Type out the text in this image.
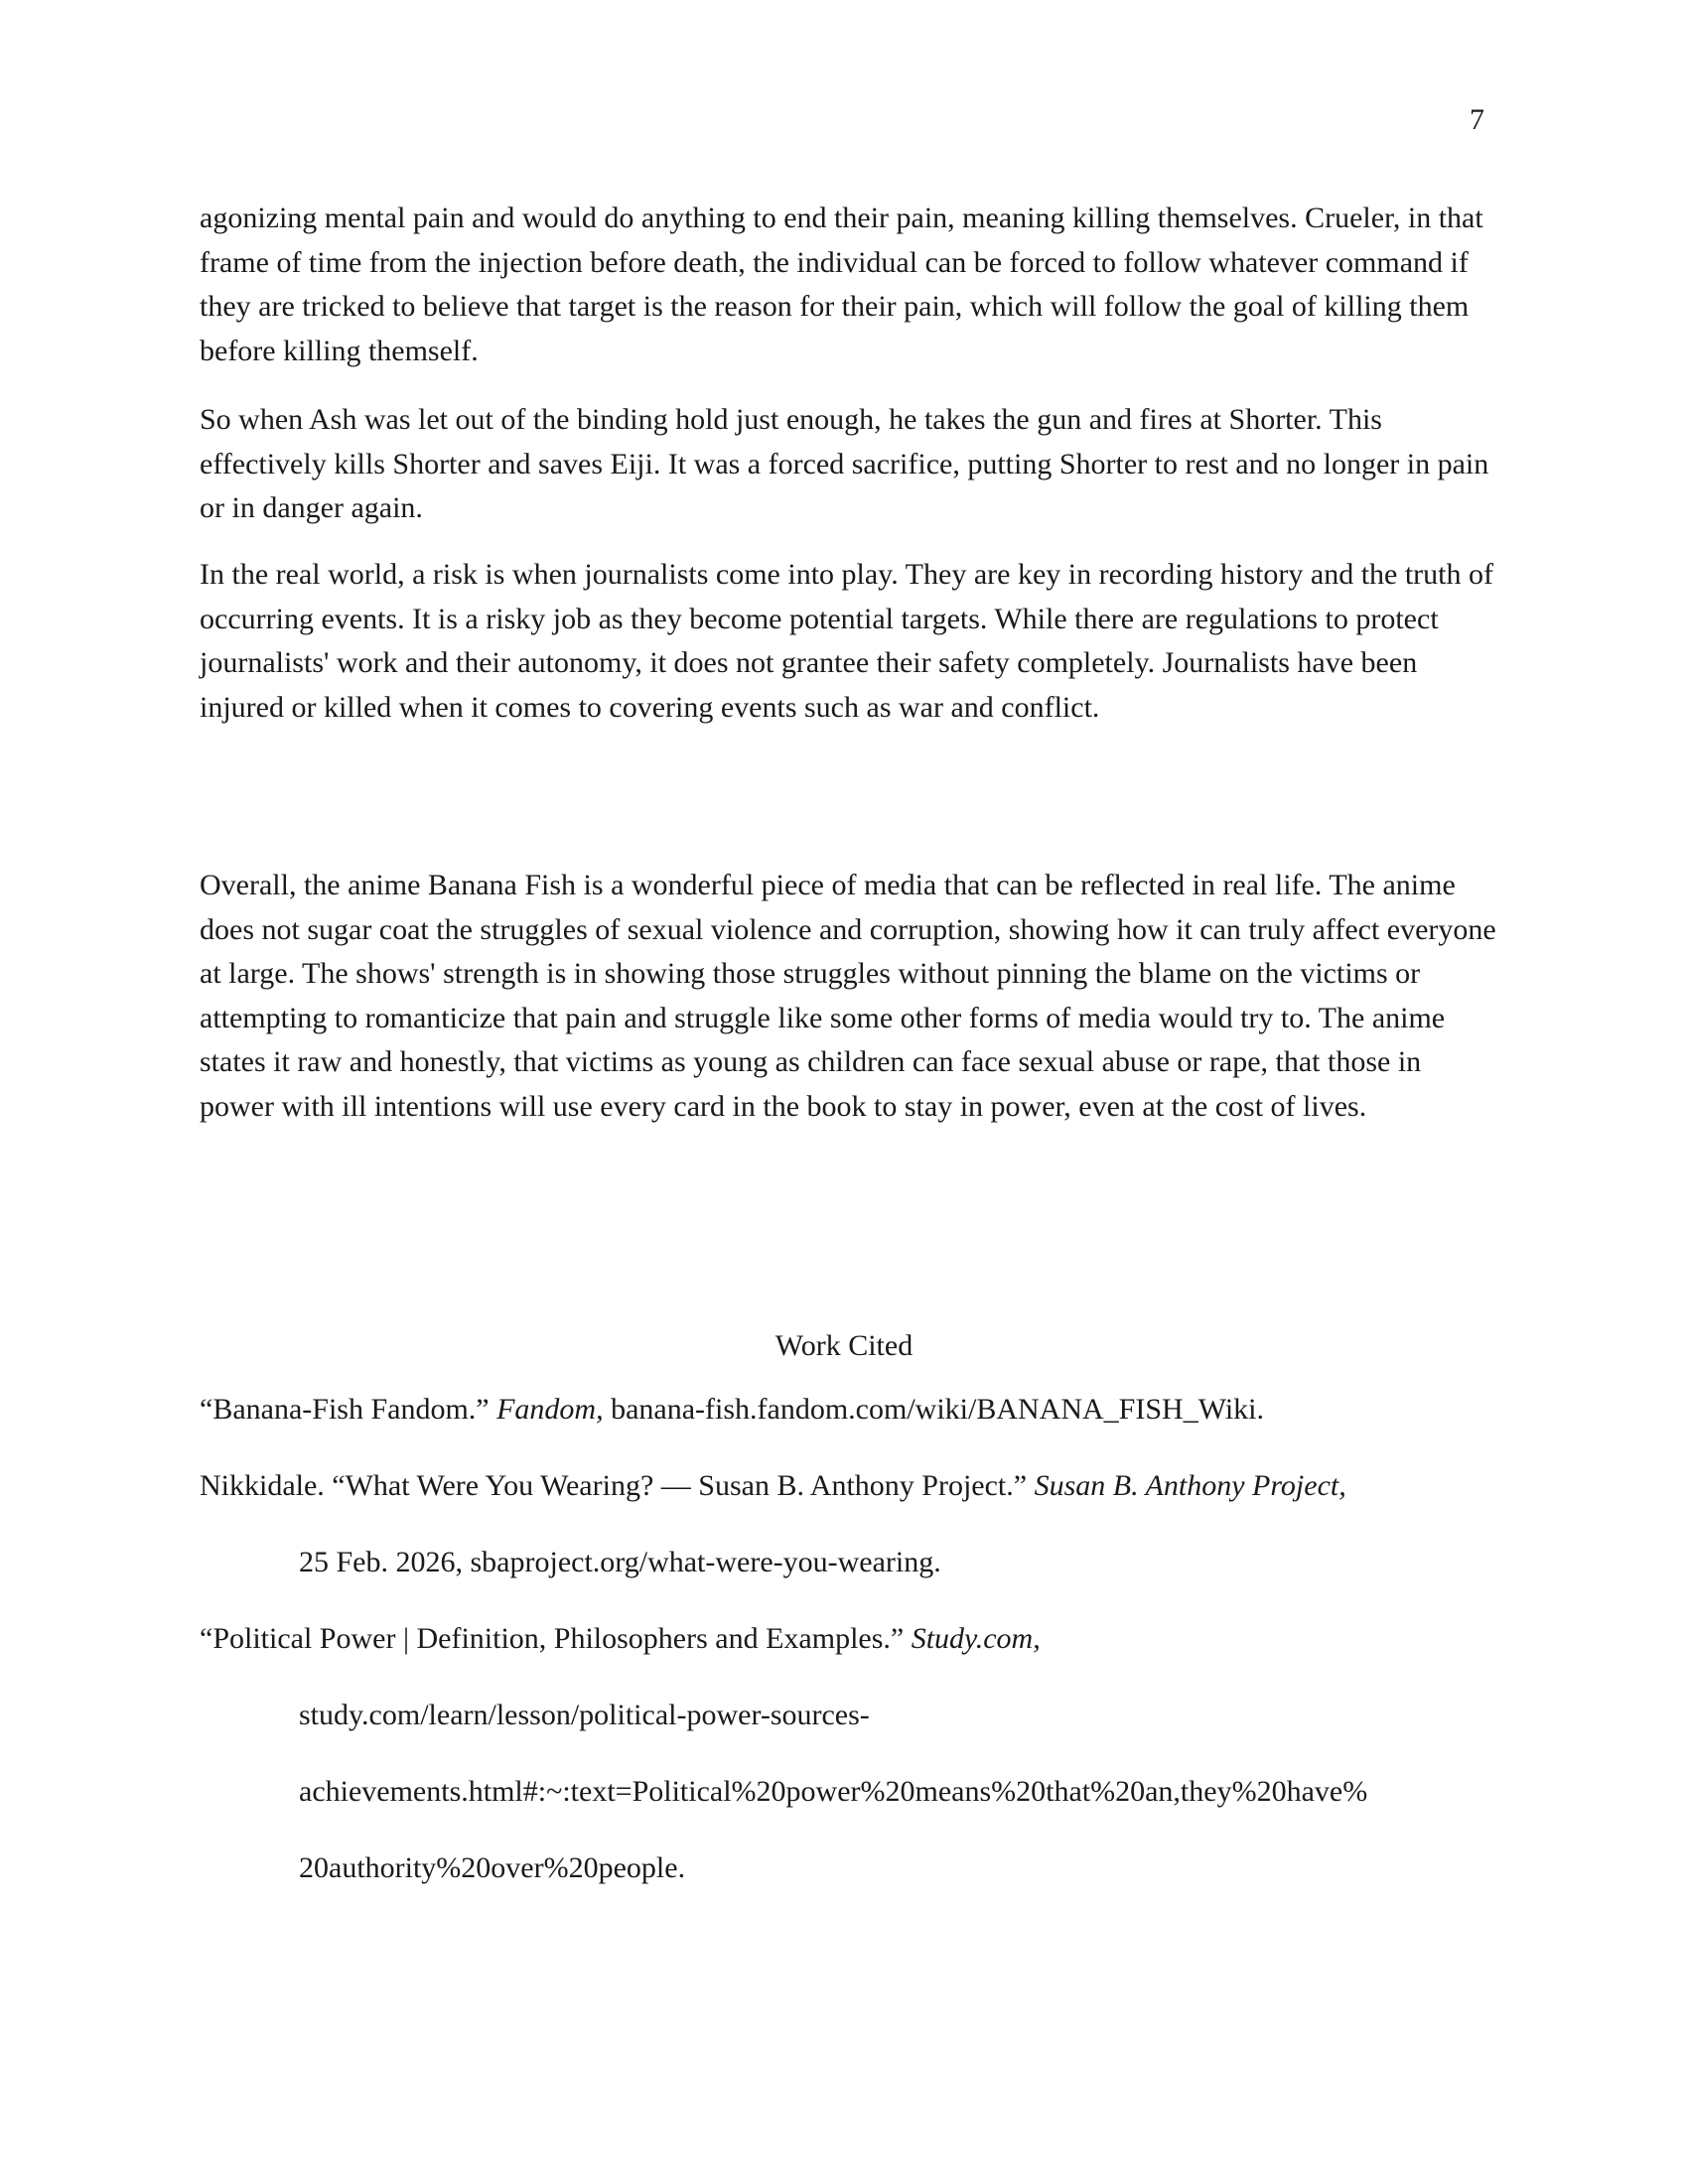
7

agonizing mental pain and would do anything to end their pain, meaning killing themselves. Crueler, in that frame of time from the injection before death, the individual can be forced to follow whatever command if they are tricked to believe that target is the reason for their pain, which will follow the goal of killing them before killing themself.

So when Ash was let out of the binding hold just enough, he takes the gun and fires at Shorter. This effectively kills Shorter and saves Eiji. It was a forced sacrifice, putting Shorter to rest and no longer in pain or in danger again.

In the real world, a risk is when journalists come into play. They are key in recording history and the truth of occurring events. It is a risky job as they become potential targets. While there are regulations to protect journalists' work and their autonomy, it does not grantee their safety completely. Journalists have been injured or killed when it comes to covering events such as war and conflict.

Overall, the anime Banana Fish is a wonderful piece of media that can be reflected in real life. The anime does not sugar coat the struggles of sexual violence and corruption, showing how it can truly affect everyone at large. The shows' strength is in showing those struggles without pinning the blame on the victims or attempting to romanticize that pain and struggle like some other forms of media would try to. The anime states it raw and honestly, that victims as young as children can face sexual abuse or rape, that those in power with ill intentions will use every card in the book to stay in power, even at the cost of lives.

Work Cited
“Banana-Fish Fandom.” Fandom, banana-fish.fandom.com/wiki/BANANA_FISH_Wiki.
Nikkidale. “What Were You Wearing? — Susan B. Anthony Project.” Susan B. Anthony Project,
25 Feb. 2026, sbaproject.org/what-were-you-wearing.
“Political Power | Definition, Philosophers and Examples.” Study.com,
study.com/learn/lesson/political-power-sources-
achievements.html#:~:text=Political%20power%20means%20that%20an,they%20have%
20authority%20over%20people.
